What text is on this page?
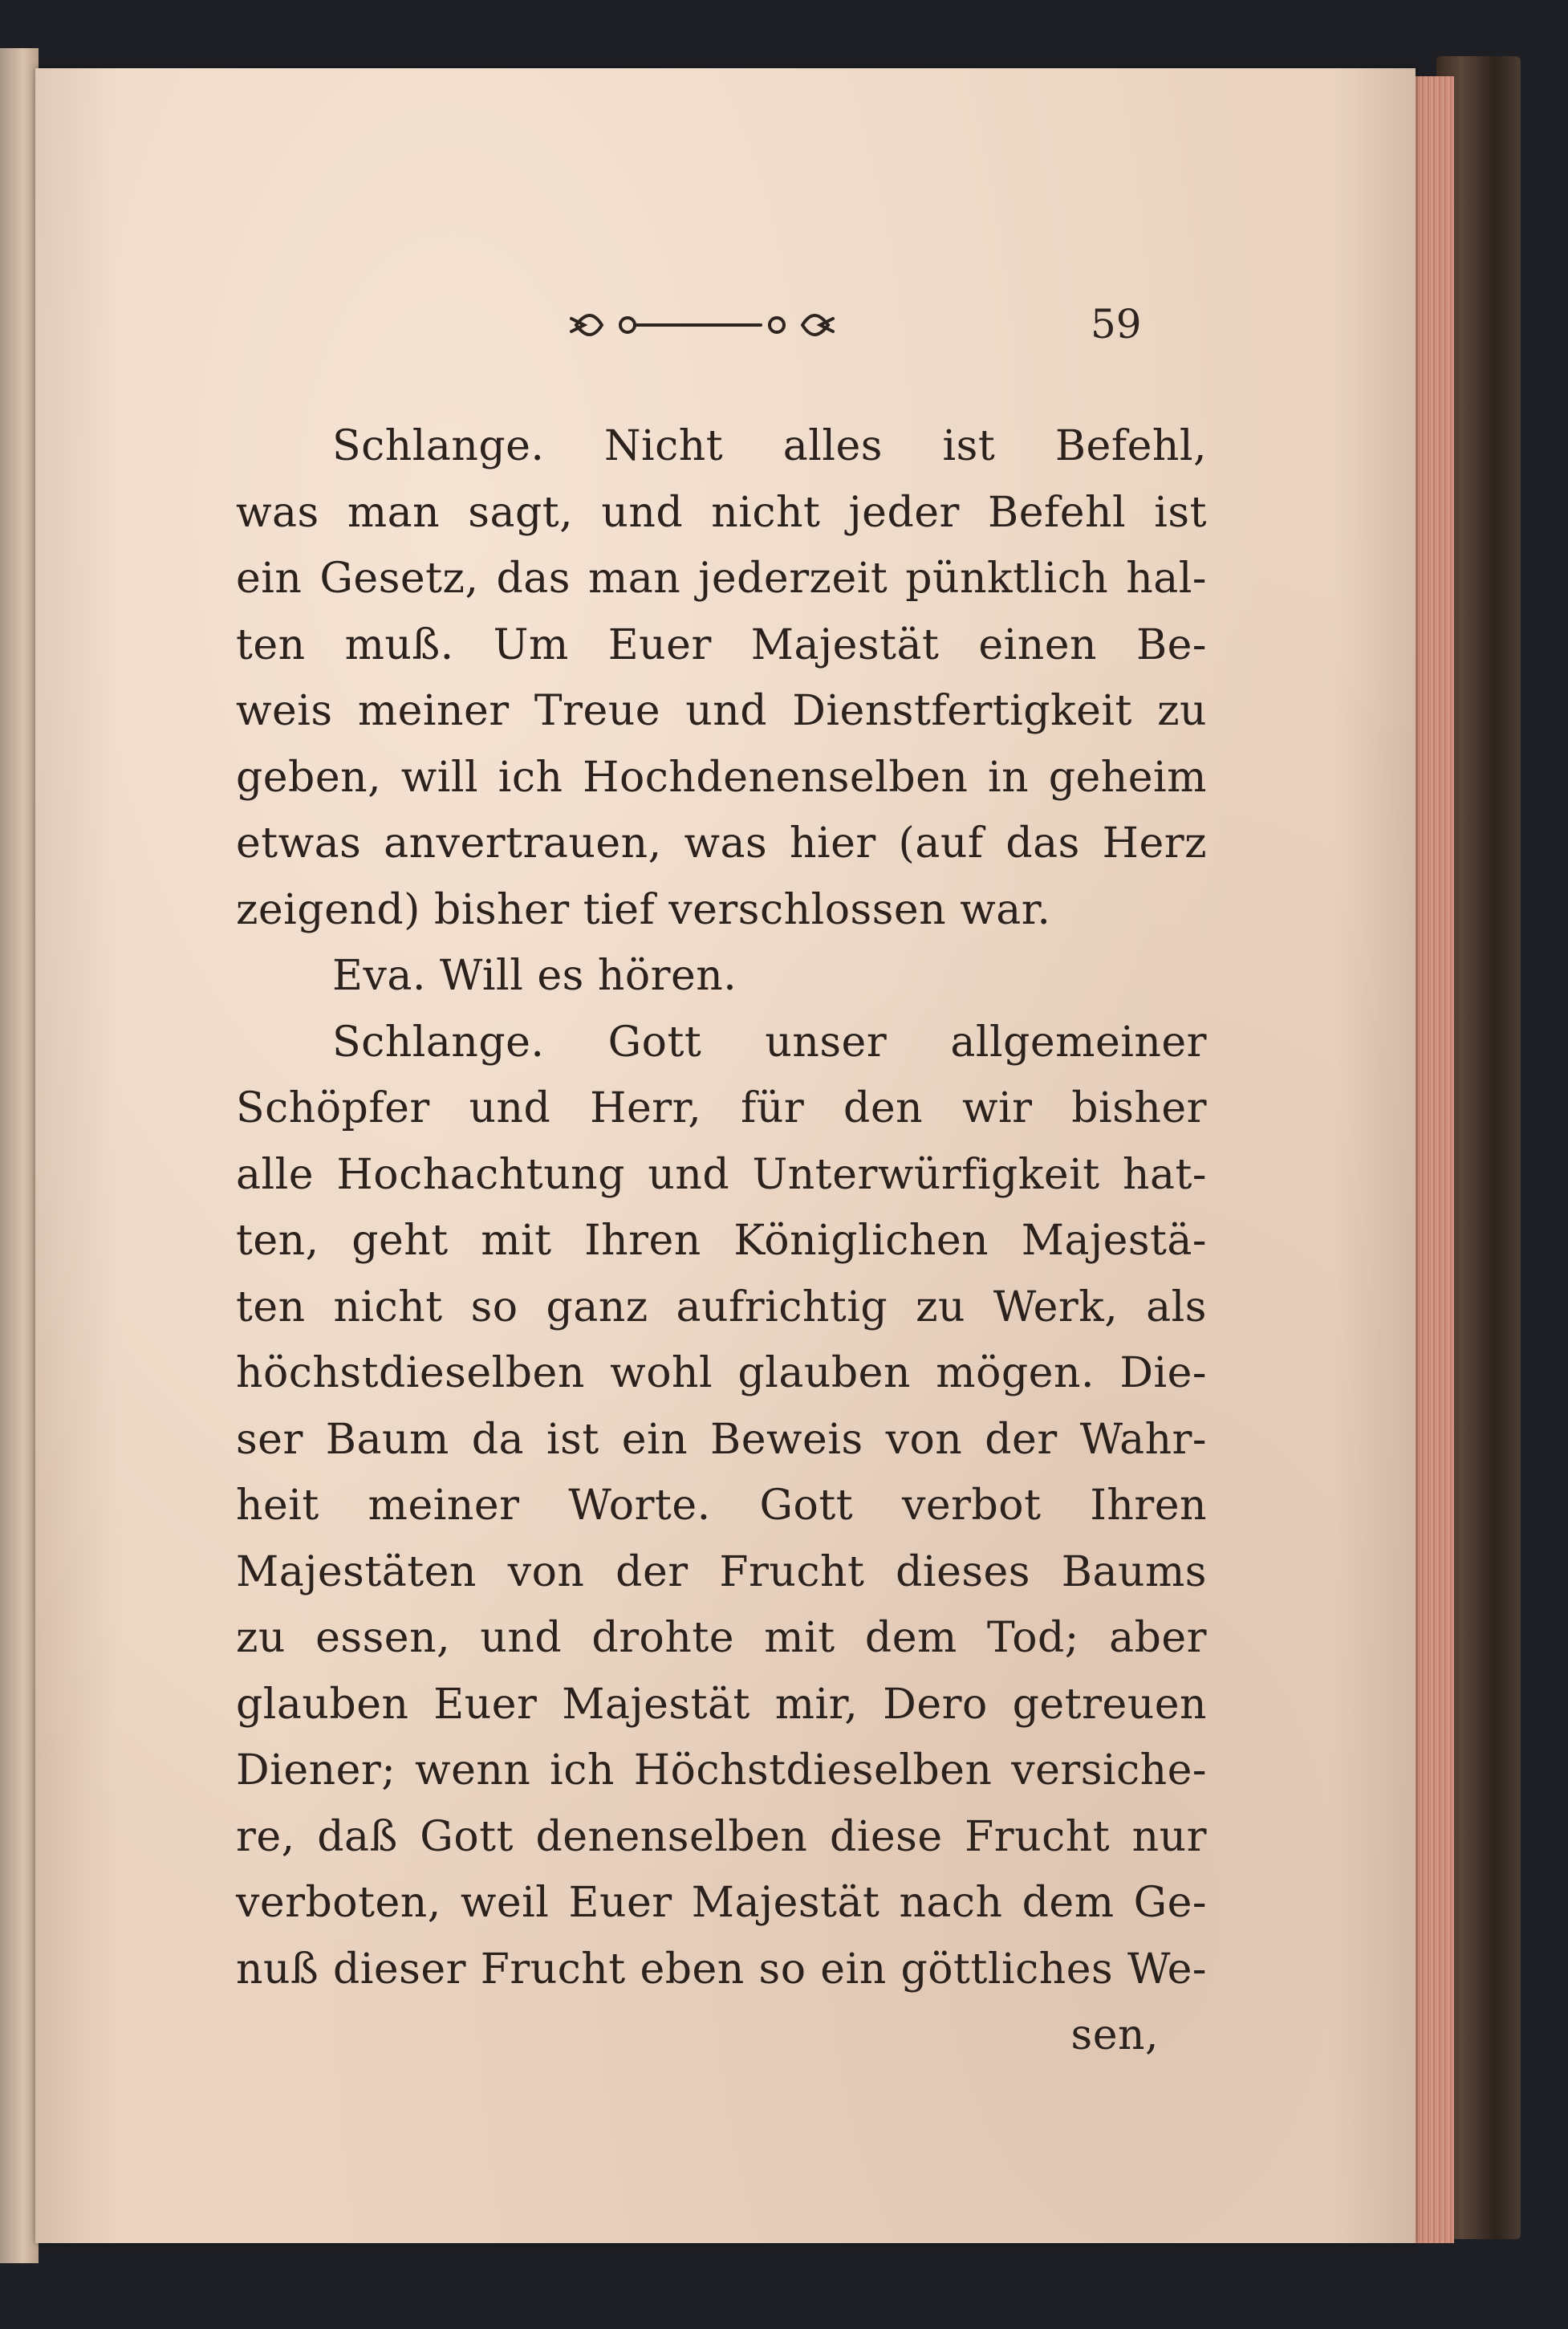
59
Schlange. Nicht alles ist Befehl,
was man sagt, und nicht jeder Befehl ist
ein Gesetz, das man jederzeit pünktlich hal-
ten muß. Um Euer Majestät einen Be-
weis meiner Treue und Dienstfertigkeit zu
geben, will ich Hochdenenselben in geheim
etwas anvertrauen, was hier (auf das Herz
zeigend) bisher tief verschlossen war.
Eva. Will es hören.
Schlange. Gott unser allgemeiner
Schöpfer und Herr, für den wir bisher
alle Hochachtung und Unterwürfigkeit hat-
ten, geht mit Ihren Königlichen Majestä-
ten nicht so ganz aufrichtig zu Werk, als
höchstdieselben wohl glauben mögen. Die-
ser Baum da ist ein Beweis von der Wahr-
heit meiner Worte. Gott verbot Ihren
Majestäten von der Frucht dieses Baums
zu essen, und drohte mit dem Tod; aber
glauben Euer Majestät mir, Dero getreuen
Diener; wenn ich Höchstdieselben versiche-
re, daß Gott denenselben diese Frucht nur
verboten, weil Euer Majestät nach dem Ge-
nuß dieser Frucht eben so ein göttliches We-
sen,
